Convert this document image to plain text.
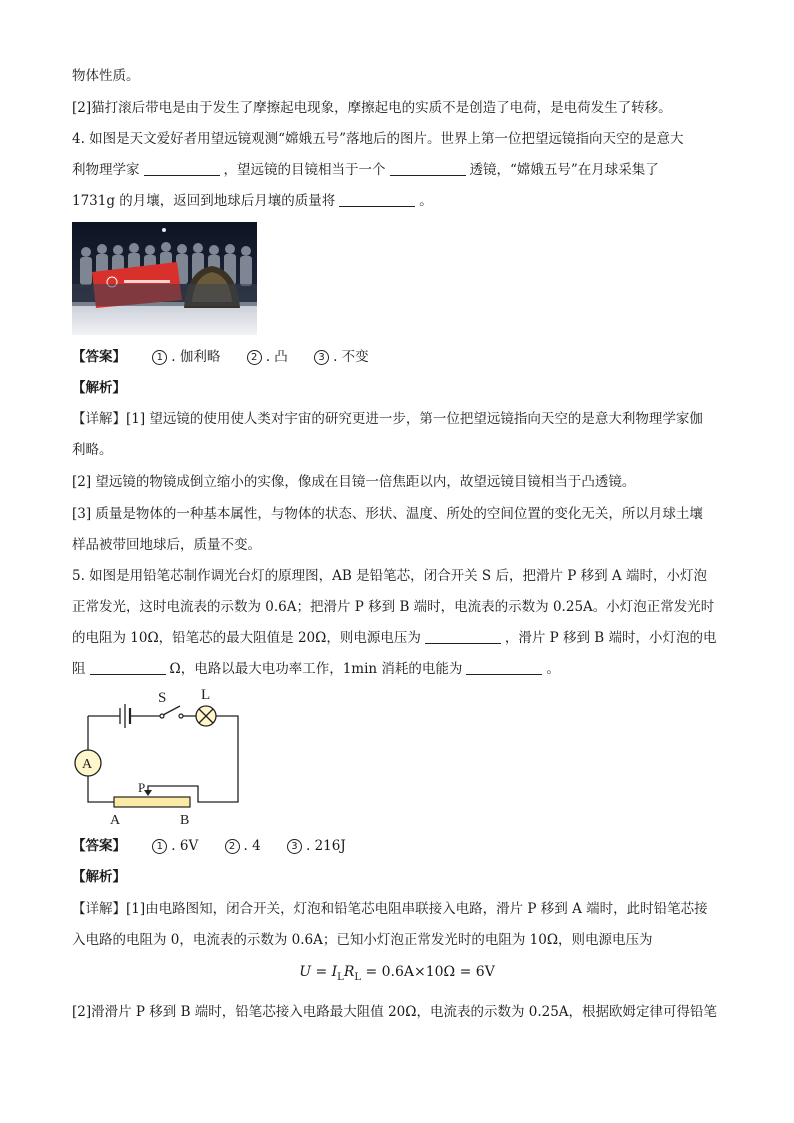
物体性质。
[2]猫打滚后带电是由于发生了摩擦起电现象，摩擦起电的实质不是创造了电荷，是电荷发生了转移。
4. 如图是天文爱好者用望远镜观测“嫦娥五号”落地后的图片。世界上第一位把望远镜指向天空的是意大
利物理学家	，望远镜的目镜相当于一个	透镜，“嫦娥五号”在月球采集了
1731g 的月壤，返回到地球后月壤的质量将	。
【答案】	1 . 伽利略	2 . 凸	3 . 不变
【解析】
【详解】[1] 望远镜的使用使人类对宇宙的研究更进一步，第一位把望远镜指向天空的是意大利物理学家伽
利略。
[2] 望远镜的物镜成倒立缩小的实像，像成在目镜一倍焦距以内，故望远镜目镜相当于凸透镜。
[3] 质量是物体的一种基本属性，与物体的状态、形状、温度、所处的空间位置的变化无关，所以月球土壤
样品被带回地球后，质量不变。
5. 如图是用铅笔芯制作调光台灯的原理图，AB 是铅笔芯，闭合开关 S 后，把滑片 P 移到 A 端时，小灯泡
正常发光，这时电流表的示数为 0.6A；把滑片 P 移到 B 端时，电流表的示数为 0.25A。小灯泡正常发光时
的电阻为 10Ω，铅笔芯的最大阻值是 20Ω，则电源电压为	，滑片 P 移到 B 端时，小灯泡的电
阻	Ω，电路以最大电功率工作，1min 消耗的电能为	。
S L
A
P
A	B
【答案】	1 . 6V	2 . 4	3 . 216J
【解析】
【详解】[1]由电路图知，闭合开关，灯泡和铅笔芯电阻串联接入电路，滑片 P 移到 A 端时，此时铅笔芯接
入电路的电阻为 0，电流表的示数为 0.6A；已知小灯泡正常发光时的电阻为 10Ω，则电源电压为
$U = I_LR_L = 0.6A\times 10\Omega = 6V$
[2]滑滑片 P 移到 B 端时，铅笔芯接入电路最大阻值 20Ω，电流表的示数为 0.25A，根据欧姆定律可得铅笔
